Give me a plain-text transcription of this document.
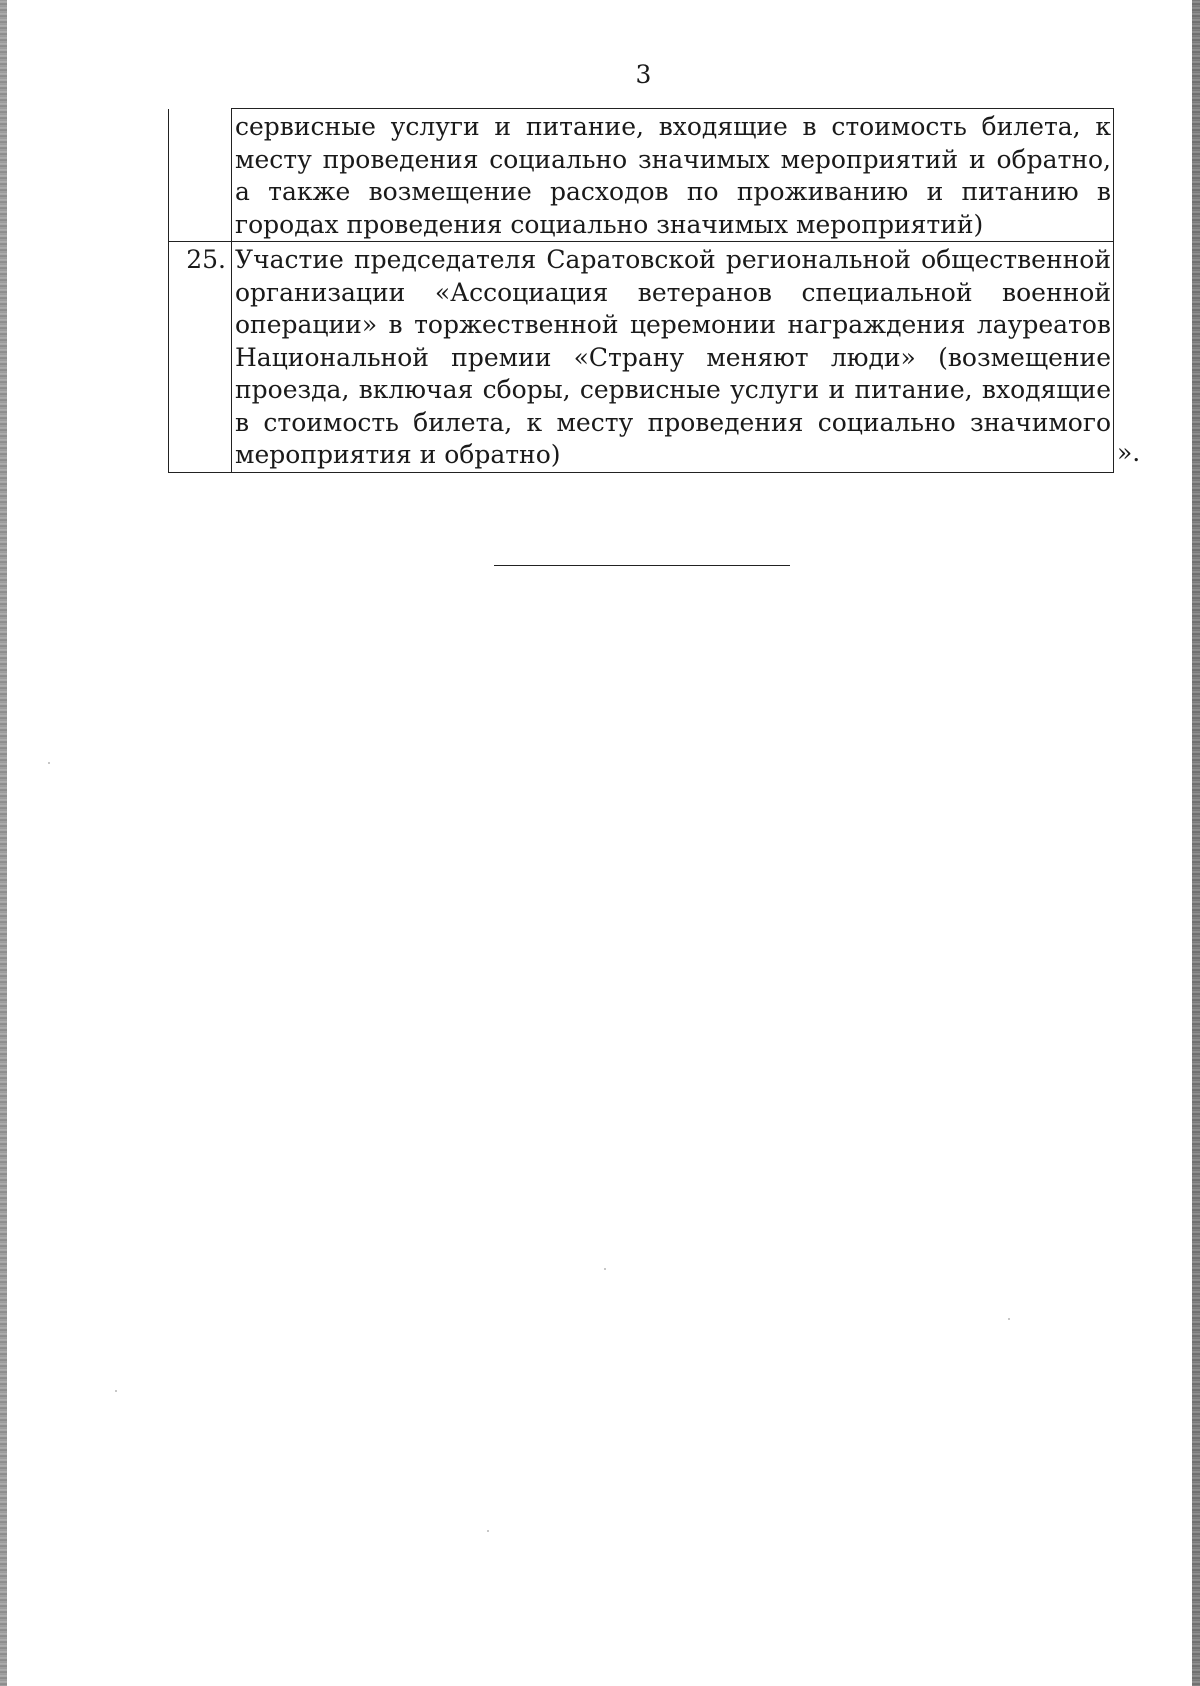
3
	сервисные услуги и питание, входящие в стоимость билета, к месту проведения социально значимых мероприятий и обратно, а также возмещение расходов по проживанию и питанию в городах проведения социально значимых мероприятий)
25.	Участие председателя Саратовской региональной общественной организации «Ассоциация ветеранов специальной военной операции» в торжественной церемонии награждения лауреатов Национальной премии «Страну меняют люди» (возмещение проезда, включая сборы, сервисные услуги и питание, входящие в стоимость билета, к месту проведения социально значимого мероприятия и обратно)	».
